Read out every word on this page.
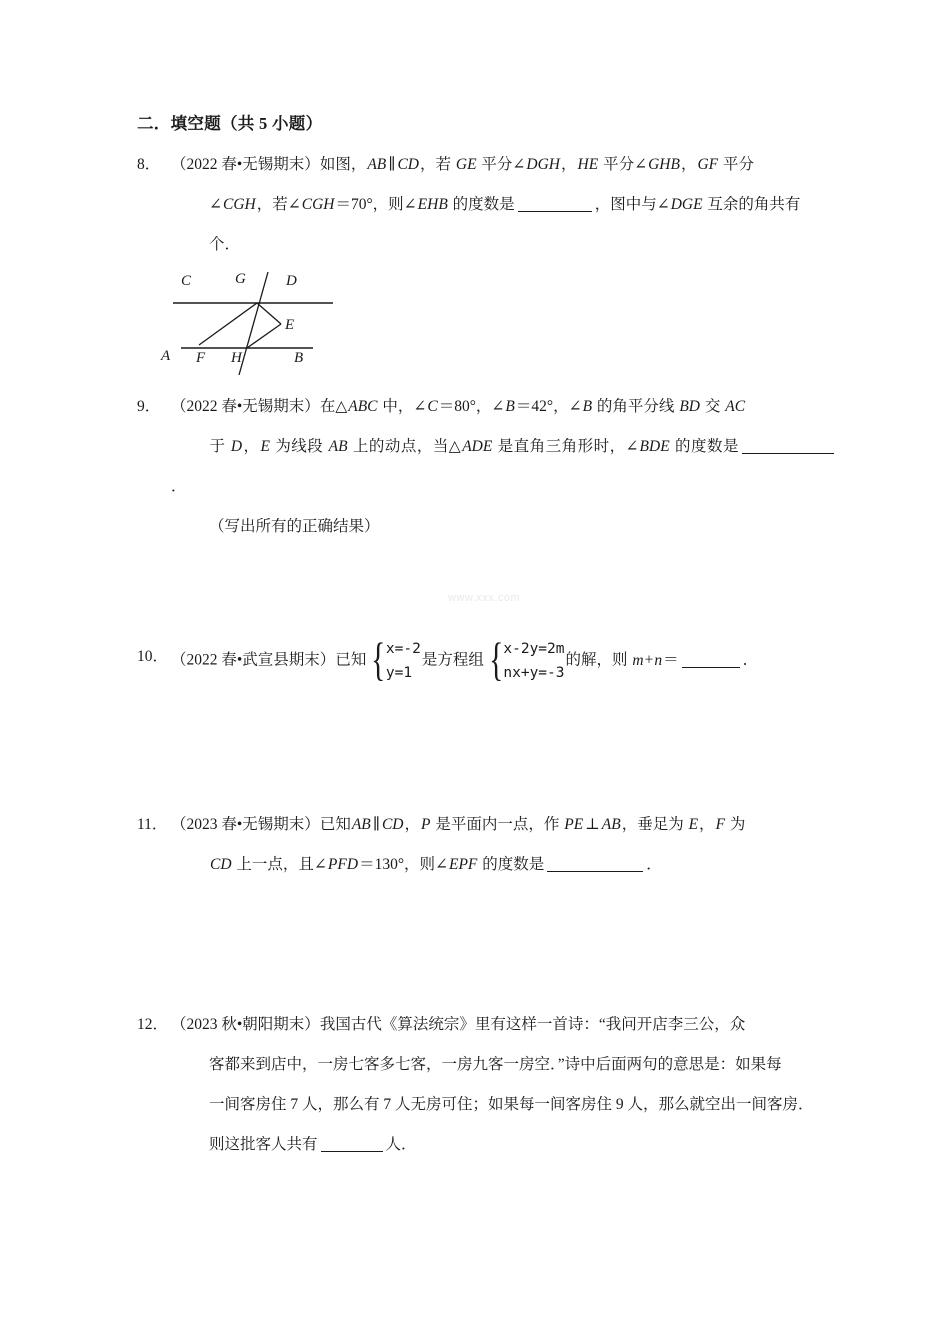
www.xxx.com
二．填空题（共 5 小题）
8． （2022 春•无锡期末）如图，AB ∥ CD，若 GE 平分∠DGH，HE 平分∠GHB，GF 平分
∠CGH，若∠CGH＝70°，则∠EHB 的度数是	，图中与∠DGE 互余的角共有
个．
C	G	D
E
A F H	B
9． （2022 春•无锡期末）在△ABC 中，∠C＝80°，∠B＝42°，∠B 的角平分线 BD 交 AC
于 D，E 为线段 AB 上的动点，当△ADE 是直角三角形时，∠BDE 的度数是．
（写出所有的正确结果）
10． （2022 春•武宣县期末）已知 { x=-2
y=1
是方程组 { x-2y=2m
nx+y=-3
的解，则 m+n＝	．
11． （2023 春•无锡期末）已知AB ∥ CD，P 是平面内一点，作 PE ⊥ AB，垂足为 E，F 为
CD 上一点，且∠PFD＝130°，则∠EPF 的度数是	．
12． （2023 秋•朝阳期末）我国古代《算法统宗》里有这样一首诗：“我问开店李三公，众
客都来到店中，一房七客多七客，一房九客一房空．”诗中后面两句的意思是：如果每
一间客房住 7 人，那么有 7 人无房可住；如果每一间客房住 9 人，那么就空出一间客房．
则这批客人共有	人．
